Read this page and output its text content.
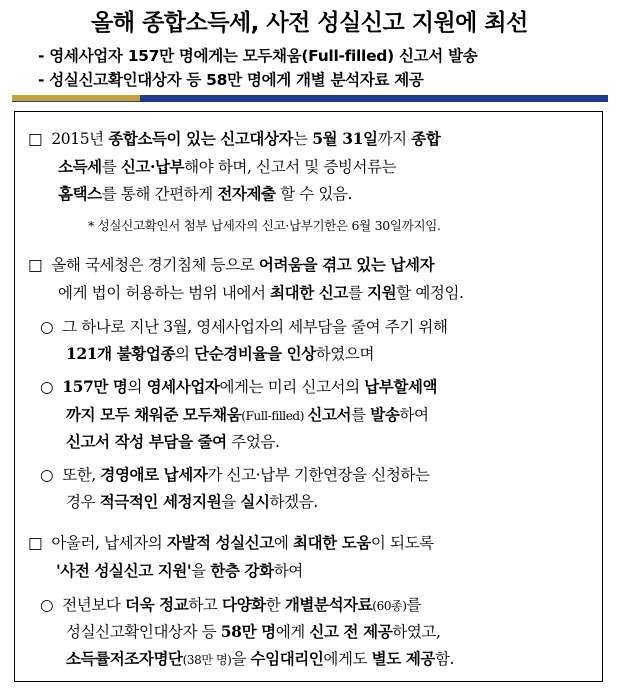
올해 종합소득세, 사전 성실신고 지원에 최선
- 영세사업자 157만 명에게는 모두채움(Full-filled) 신고서 발송
- 성실신고확인대상자 등 58만 명에게 개별 분석자료 제공
□ 2015년 종합소득이 있는 신고대상자는 5월 31일까지 종합
소득세를 신고·납부해야 하며, 신고서 및 증빙서류는
홈택스를 통해 간편하게 전자제출 할 수 있음.
* 성실신고확인서 첨부 납세자의 신고·납부기한은 6월 30일까지임.
□ 올해 국세청은 경기침체 등으로 어려움을 겪고 있는 납세자
에게 법이 허용하는 범위 내에서 최대한 신고를 지원할 예정임.
○ 그 하나로 지난 3월, 영세사업자의 세부담을 줄여 주기 위해
121개 불황업종의 단순경비율을 인상하였으며
○ 157만 명의 영세사업자에게는 미리 신고서의 납부할세액
까지 모두 채워준 모두채움(Full-filled) 신고서를 발송하여
신고서 작성 부담을 줄여 주었음.
○ 또한, 경영애로 납세자가 신고·납부 기한연장을 신청하는
경우 적극적인 세정지원을 실시하겠음.
□ 아울러, 납세자의 자발적 성실신고에 최대한 도움이 되도록
'사전 성실신고 지원'을 한층 강화하여
○ 전년보다 더욱 정교하고 다양화한 개별분석자료(60종)를
성실신고확인대상자 등 58만 명에게 신고 전 제공하였고,
소득률저조자명단(38만 명)을 수임대리인에게도 별도 제공함.
